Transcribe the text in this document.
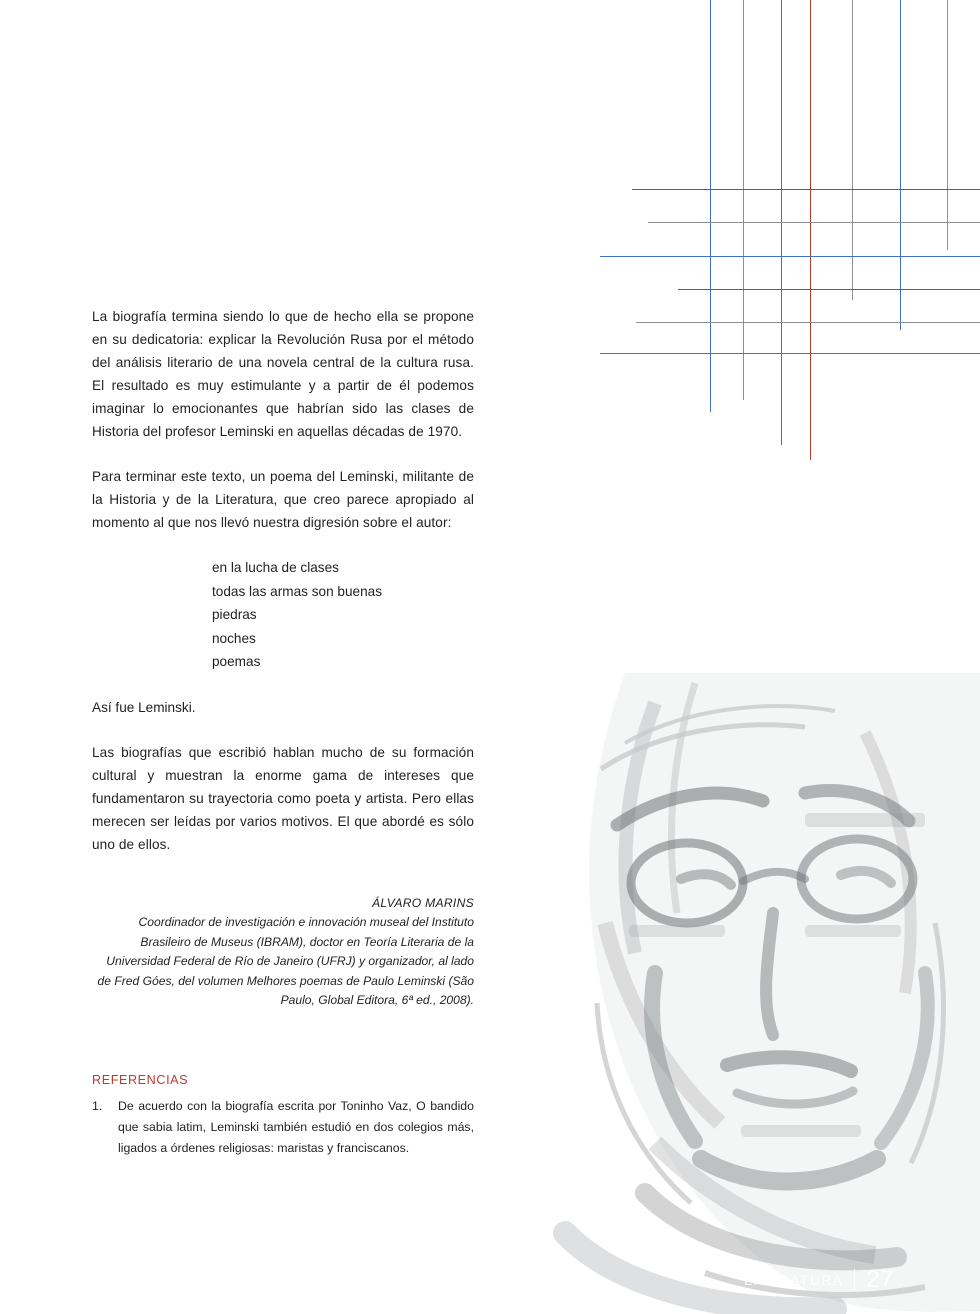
La biografía termina siendo lo que de hecho ella se propone en su dedicatoria: explicar la Revolución Rusa por el método del análisis literario de una novela central de la cultura rusa. El resultado es muy estimulante y a partir de él podemos imaginar lo emocionantes que habrían sido las clases de Historia del profesor Leminski en aquellas décadas de 1970.

Para terminar este texto, un poema del Leminski, militante de la Historia y de la Literatura, que creo parece apropiado al momento al que nos llevó nuestra digresión sobre el autor:

en la lucha de clases
todas las armas son buenas
piedras
noches
poemas

Así fue Leminski.

Las biografías que escribió hablan mucho de su formación cultural y muestran la enorme gama de intereses que fundamentaron su trayectoria como poeta y artista. Pero ellas merecen ser leídas por varios motivos. El que abordé es sólo uno de ellos.

ÁLVARO MARINS
Coordinador de investigación e innovación museal del Instituto Brasileiro de Museus (IBRAM), doctor en Teoría Literaria de la Universidad Federal de Río de Janeiro (UFRJ) y organizador, al lado de Fred Góes, del volumen Melhores poemas de Paulo Leminski (São Paulo, Global Editora, 6ª ed., 2008).
REFERENCIAS
1.	De acuerdo con la biografía escrita por Toninho Vaz, O bandido que sabia latim, Leminski también estudió en dos colegios más, ligados a órdenes religiosas: maristas y franciscanos.
LITERATURA 27
